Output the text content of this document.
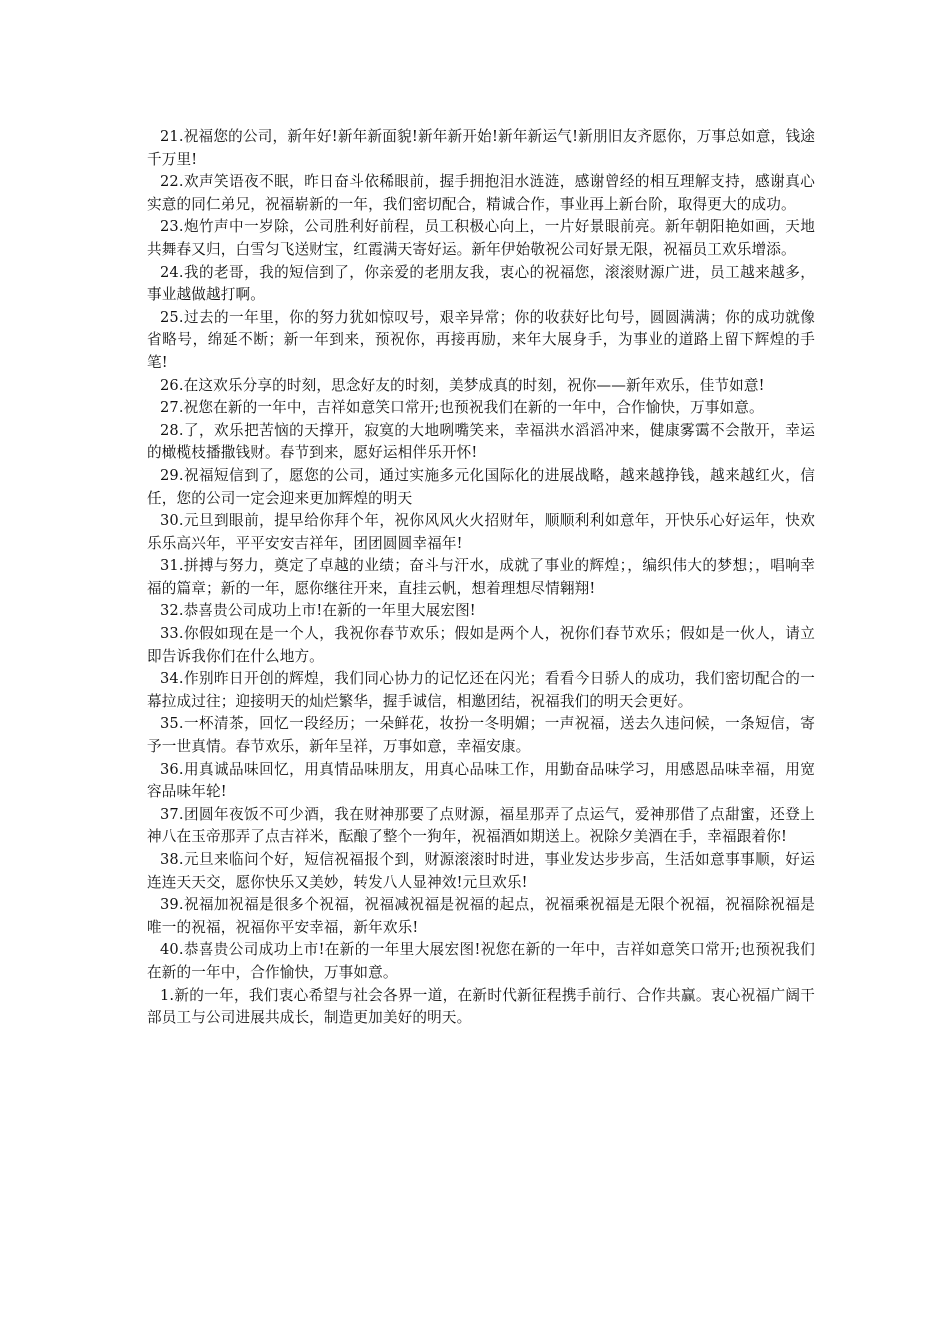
21.祝福您的公司，新年好!新年新面貌!新年新开始!新年新运气!新朋旧友齐愿你，万事总如意，钱途千万里!

22.欢声笑语夜不眠，昨日奋斗依稀眼前，握手拥抱泪水涟涟，感谢曾经的相互理解支持，感谢真心实意的同仁弟兄，祝福崭新的一年，我们密切配合，精诚合作，事业再上新台阶，取得更大的成功。

23.炮竹声中一岁除，公司胜利好前程，员工积极心向上，一片好景眼前亮。新年朝阳艳如画，天地共舞春又归，白雪匀飞送财宝，红霞满天寄好运。新年伊始敬祝公司好景无限，祝福员工欢乐增添。

24.我的老哥，我的短信到了，你亲爱的老朋友我，衷心的祝福您，滚滚财源广进，员工越来越多，事业越做越打啊。

25.过去的一年里，你的努力犹如惊叹号，艰辛异常；你的收获好比句号，圆圆满满；你的成功就像省略号，绵延不断；新一年到来，预祝你，再接再励，来年大展身手，为事业的道路上留下辉煌的手笔!

26.在这欢乐分享的时刻，思念好友的时刻，美梦成真的时刻，祝你——新年欢乐，佳节如意!

27.祝您在新的一年中，吉祥如意笑口常开;也预祝我们在新的一年中，合作愉快，万事如意。

28.了，欢乐把苦恼的天撑开，寂寞的大地咧嘴笑来，幸福洪水滔滔冲来，健康雾霭不会散开，幸运的橄榄枝播撒钱财。春节到来，愿好运相伴乐开怀!

29.祝福短信到了，愿您的公司，通过实施多元化国际化的进展战略，越来越挣钱，越来越红火，信任，您的公司一定会迎来更加辉煌的明天

30.元旦到眼前，提早给你拜个年，祝你风风火火招财年，顺顺利利如意年，开快乐心好运年，快欢乐乐高兴年，平平安安吉祥年，团团圆圆幸福年!

31.拼搏与努力，奠定了卓越的业绩；奋斗与汗水，成就了事业的辉煌；，编织伟大的梦想；，唱响幸福的篇章；新的一年，愿你继往开来，直挂云帆，想着理想尽情翱翔!

32.恭喜贵公司成功上市!在新的一年里大展宏图!

33.你假如现在是一个人，我祝你春节欢乐；假如是两个人，祝你们春节欢乐；假如是一伙人，请立即告诉我你们在什么地方。

34.作别昨日开创的辉煌，我们同心协力的记忆还在闪光；看看今日骄人的成功，我们密切配合的一幕拉成过往；迎接明天的灿烂繁华，握手诚信，相邀团结，祝福我们的明天会更好。

35.一杯清茶，回忆一段经历；一朵鲜花，妆扮一冬明媚；一声祝福，送去久违问候，一条短信，寄予一世真情。春节欢乐，新年呈祥，万事如意，幸福安康。

36.用真诚品味回忆，用真情品味朋友，用真心品味工作，用勤奋品味学习，用感恩品味幸福，用宽容品味年轮!

37.团圆年夜饭不可少酒，我在财神那要了点财源，福星那弄了点运气，爱神那借了点甜蜜，还登上神八在玉帝那弄了点吉祥米，酝酿了整个一狗年，祝福酒如期送上。祝除夕美酒在手，幸福跟着你!

38.元旦来临问个好，短信祝福报个到，财源滚滚时时进，事业发达步步高，生活如意事事顺，好运连连天天交，愿你快乐又美妙，转发八人显神效!元旦欢乐!

39.祝福加祝福是很多个祝福，祝福减祝福是祝福的起点，祝福乘祝福是无限个祝福，祝福除祝福是唯一的祝福，祝福你平安幸福，新年欢乐!

40.恭喜贵公司成功上市!在新的一年里大展宏图!祝您在新的一年中，吉祥如意笑口常开;也预祝我们在新的一年中，合作愉快，万事如意。

1.新的一年，我们衷心希望与社会各界一道，在新时代新征程携手前行、合作共赢。衷心祝福广阔干部员工与公司进展共成长，制造更加美好的明天。
